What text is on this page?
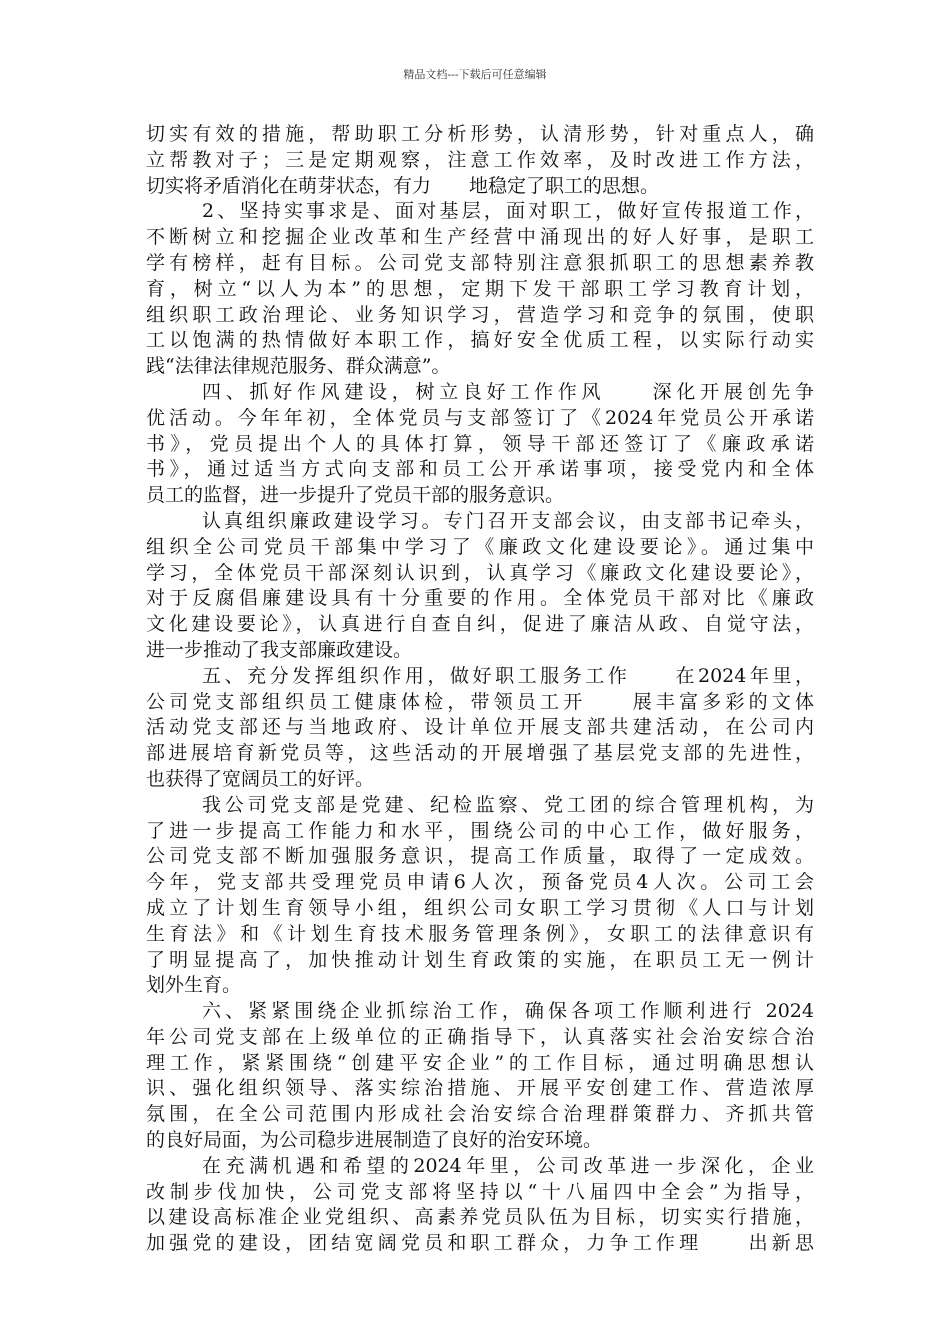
精品文档---下载后可任意编辑
切实有效的措施，帮助职工分析形势，认清形势，针对重点人，确
立帮教对子；三是定期观察，注意工作效率，及时改进工作方法，
切实将矛盾消化在萌芽状态，有力　　地稳定了职工的思想。
2、坚持实事求是、面对基层，面对职工，做好宣传报道工作，
不断树立和挖掘企业改革和生产经营中涌现出的好人好事，是职工
学有榜样，赶有目标。公司党支部特别注意狠抓职工的思想素养教
育，树立“以人为本”的思想，定期下发干部职工学习教育计划，
组织职工政治理论、业务知识学习，营造学习和竞争的氛围，使职
工以饱满的热情做好本职工作，搞好安全优质工程，以实际行动实
践“法律法律规范服务、群众满意”。
四、抓好作风建设，树立良好工作作风　　深化开展创先争
优活动。今年年初，全体党员与支部签订了《2024年党员公开承诺
书》，党员提出个人的具体打算，领导干部还签订了《廉政承诺
书》，通过适当方式向支部和员工公开承诺事项，接受党内和全体
员工的监督，进一步提升了党员干部的服务意识。
认真组织廉政建设学习。专门召开支部会议，由支部书记牵头，
组织全公司党员干部集中学习了《廉政文化建设要论》。通过集中
学习，全体党员干部深刻认识到，认真学习《廉政文化建设要论》，
对于反腐倡廉建设具有十分重要的作用。全体党员干部对比《廉政
文化建设要论》，认真进行自查自纠，促进了廉洁从政、自觉守法，
进一步推动了我支部廉政建设。
五、充分发挥组织作用，做好职工服务工作　　在2024年里，
公司党支部组织员工健康体检，带领员工开　　展丰富多彩的文体
活动党支部还与当地政府、设计单位开展支部共建活动，在公司内
部进展培育新党员等，这些活动的开展增强了基层党支部的先进性，
也获得了宽阔员工的好评。
我公司党支部是党建、纪检监察、党工团的综合管理机构，为
了进一步提高工作能力和水平，围绕公司的中心工作，做好服务，
公司党支部不断加强服务意识，提高工作质量，取得了一定成效。
今年，党支部共受理党员申请6人次，预备党员4人次。公司工会
成立了计划生育领导小组，组织公司女职工学习贯彻《人口与计划
生育法》和《计划生育技术服务管理条例》，女职工的法律意识有
了明显提高了，加快推动计划生育政策的实施，在职员工无一例计
划外生育。
六、紧紧围绕企业抓综治工作，确保各项工作顺利进行 2024
年公司党支部在上级单位的正确指导下，认真落实社会治安综合治
理工作，紧紧围绕“创建平安企业”的工作目标，通过明确思想认
识、强化组织领导、落实综治措施、开展平安创建工作、营造浓厚
氛围，在全公司范围内形成社会治安综合治理群策群力、齐抓共管
的良好局面，为公司稳步进展制造了良好的治安环境。
在充满机遇和希望的2024年里，公司改革进一步深化，企业
改制步伐加快，公司党支部将坚持以“十八届四中全会”为指导，
以建设高标准企业党组织、高素养党员队伍为目标，切实实行措施，
加强党的建设，团结宽阔党员和职工群众，力争工作理　　出新思
